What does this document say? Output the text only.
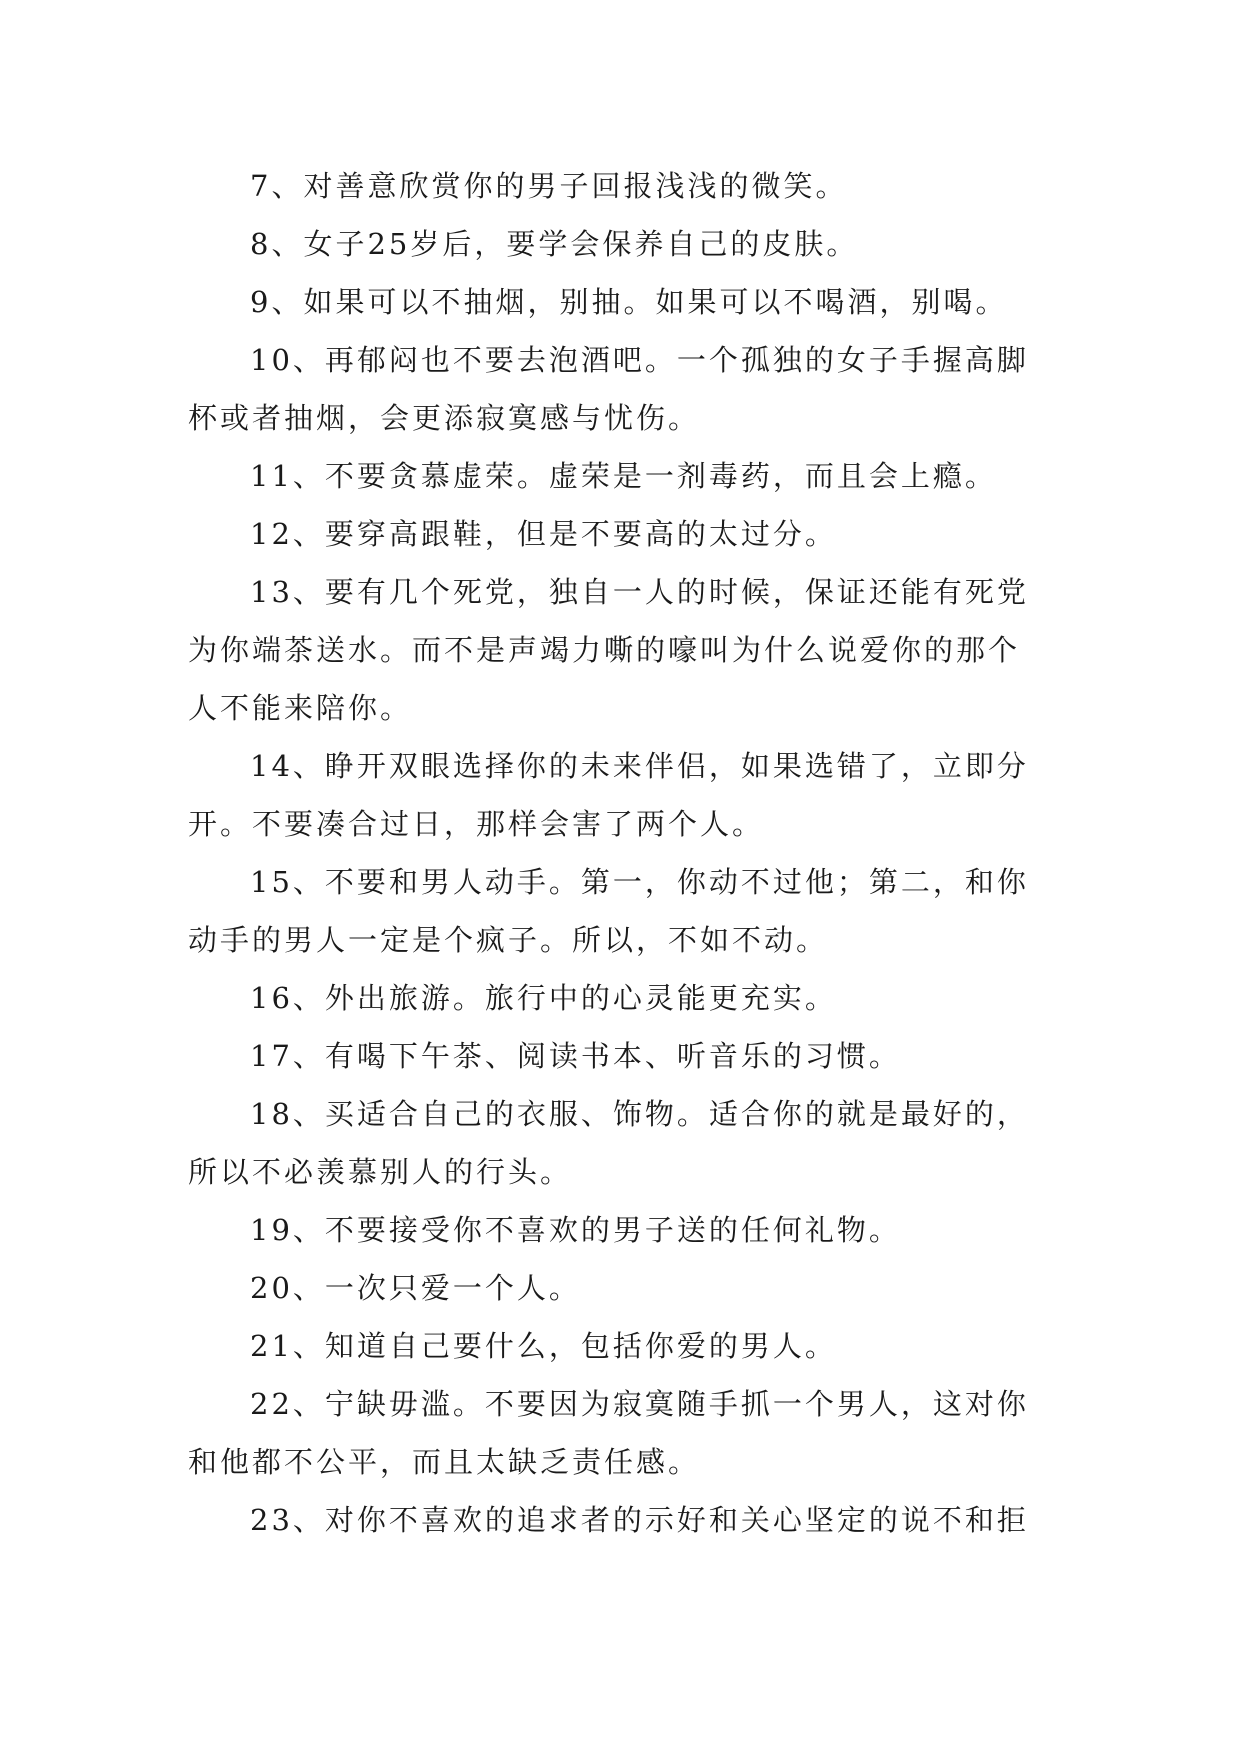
7、对善意欣赏你的男子回报浅浅的微笑。
8、女子25岁后，要学会保养自己的皮肤。
9、如果可以不抽烟，别抽。如果可以不喝酒，别喝。
10、再郁闷也不要去泡酒吧。一个孤独的女子手握高脚
杯或者抽烟，会更添寂寞感与忧伤。
11、不要贪慕虚荣。虚荣是一剂毒药，而且会上瘾。
12、要穿高跟鞋，但是不要高的太过分。
13、要有几个死党，独自一人的时候，保证还能有死党
为你端茶送水。而不是声竭力嘶的嚎叫为什么说爱你的那个
人不能来陪你。
14、睁开双眼选择你的未来伴侣，如果选错了，立即分
开。不要凑合过日，那样会害了两个人。
15、不要和男人动手。第一，你动不过他；第二，和你
动手的男人一定是个疯子。所以，不如不动。
16、外出旅游。旅行中的心灵能更充实。
17、有喝下午茶、阅读书本、听音乐的习惯。
18、买适合自己的衣服、饰物。适合你的就是最好的，
所以不必羡慕别人的行头。
19、不要接受你不喜欢的男子送的任何礼物。
20、一次只爱一个人。
21、知道自己要什么，包括你爱的男人。
22、宁缺毋滥。不要因为寂寞随手抓一个男人，这对你
和他都不公平，而且太缺乏责任感。
23、对你不喜欢的追求者的示好和关心坚定的说不和拒
